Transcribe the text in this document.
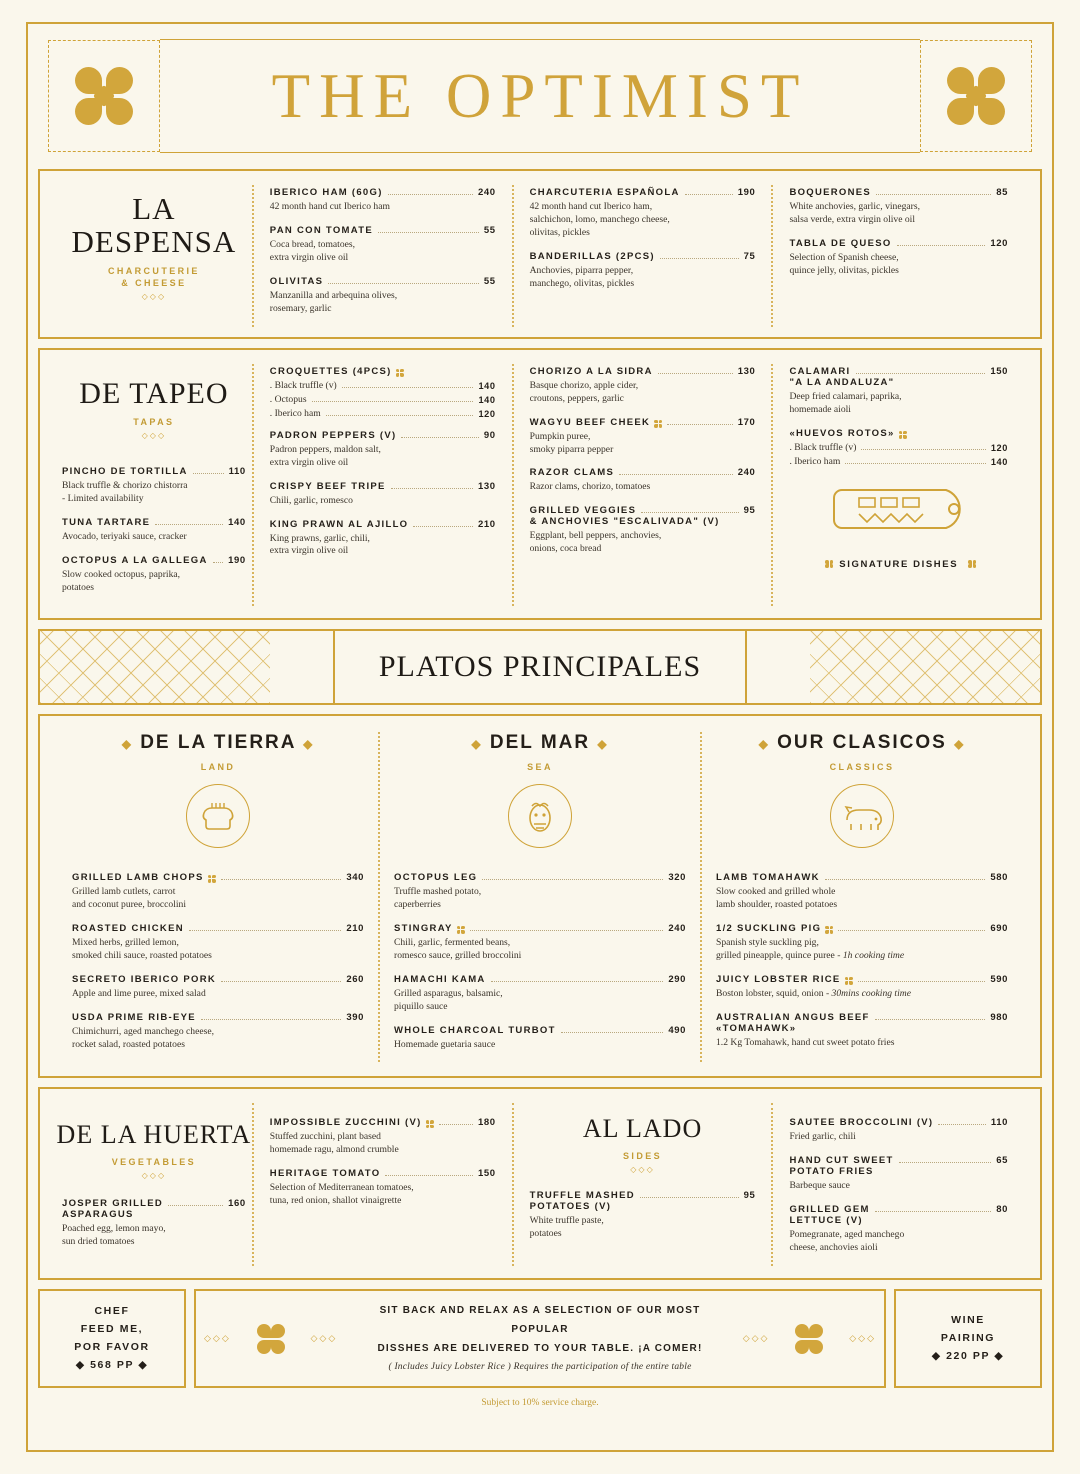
THE OPTIMIST
LA
DESPENSA
CHARCUTERIE
& CHEESE
◇◇◇
IBERICO HAM (60G)	240
42 month hand cut Iberico ham
PAN CON TOMATE	55
Coca bread, tomatoes,
extra virgin olive oil
OLIVITAS	55
Manzanilla and arbequina olives,
rosemary, garlic
CHARCUTERIA ESPAÑOLA	190
42 month hand cut Iberico ham,
salchichon, lomo, manchego cheese,
olivitas, pickles
BANDERILLAS (2PCS)	75
Anchovies, piparra pepper,
manchego, olivitas, pickles
BOQUERONES	85
White anchovies, garlic, vinegars,
salsa verde, extra virgin olive oil
TABLA DE QUESO	120
Selection of Spanish cheese,
quince jelly, olivitas, pickles
DE TAPEO
TAPAS
◇◇◇
PINCHO DE TORTILLA	110
Black truffle & chorizo chistorra
- Limited availability
TUNA TARTARE	140
Avocado, teriyaki sauce, cracker
OCTOPUS A LA GALLEGA 190
Slow cooked octopus, paprika,
potatoes
CROQUETTES (4PCS)
. Black truffle (v)	140
. Octopus	140
. Iberico ham	120
PADRON PEPPERS (V)	90
Padron peppers, maldon salt,
extra virgin olive oil
CRISPY BEEF TRIPE	130
Chili, garlic, romesco
KING PRAWN AL AJILLO	210
King prawns, garlic, chili,
extra virgin olive oil
CHORIZO A LA SIDRA	130
Basque chorizo, apple cider,
croutons, peppers, garlic
WAGYU BEEF CHEEK	170
Pumpkin puree,
smoky piparra pepper
RAZOR CLAMS	240
Razor clams, chorizo, tomatoes
GRILLED VEGGIES	95
& ANCHOVIES "ESCALIVADA" (V)
Eggplant, bell peppers, anchovies,
onions, coca bread
CALAMARI	150
"A LA ANDALUZA"
Deep fried calamari, paprika,
homemade aioli
«HUEVOS ROTOS»
. Black truffle (v)	120
. Iberico ham	140
SIGNATURE DISHES
PLATOS PRINCIPALES
◆ DE LA TIERRA ◆
LAND
GRILLED LAMB CHOPS	340
Grilled lamb cutlets, carrot
and coconut puree, broccolini
ROASTED CHICKEN	210
Mixed herbs, grilled lemon,
smoked chili sauce, roasted potatoes
SECRETO IBERICO PORK	260
Apple and lime puree, mixed salad
USDA PRIME RIB-EYE	390
Chimichurri, aged manchego cheese,
rocket salad, roasted potatoes
◆ DEL MAR ◆
SEA
OCTOPUS LEG	320
Truffle mashed potato,
caperberries
STINGRAY	240
Chili, garlic, fermented beans,
romesco sauce, grilled broccolini
HAMACHI KAMA	290
Grilled asparagus, balsamic,
piquillo sauce
WHOLE CHARCOAL TURBOT	490
Homemade guetaria sauce
◆ OUR CLASICOS ◆
CLASSICS
LAMB TOMAHAWK	580
Slow cooked and grilled whole
lamb shoulder, roasted potatoes
1/2 SUCKLING PIG	690
Spanish style suckling pig,
grilled pineapple, quince puree - 1h cooking time
JUICY LOBSTER RICE	590
Boston lobster, squid, onion - 30mins cooking time
AUSTRALIAN ANGUS BEEF	980
«TOMAHAWK»
1.2 Kg Tomahawk, hand cut sweet potato fries
DE LA HUERTA
VEGETABLES
◇◇◇
JOSPER GRILLED	160
ASPARAGUS
Poached egg, lemon mayo,
sun dried tomatoes
IMPOSSIBLE ZUCCHINI (V)	180
Stuffed zucchini, plant based
homemade ragu, almond crumble
HERITAGE TOMATO	150
Selection of Mediterranean tomatoes,
tuna, red onion, shallot vinaigrette
AL LADO
SIDES
◇◇◇
TRUFFLE MASHED	95
POTATOES (V)
White truffle paste,
potatoes
SAUTEE BROCCOLINI (V)	110
Fried garlic, chili
HAND CUT SWEET	65
POTATO FRIES
Barbeque sauce
GRILLED GEM	80
LETTUCE (V)
Pomegranate, aged manchego
cheese, anchovies aioli
CHEF
FEED ME,
POR FAVOR
◆ 568 PP ◆
◇◇◇	◇◇◇
SIT BACK AND RELAX AS A SELECTION OF OUR MOST POPULAR
DISSHES ARE DELIVERED TO YOUR TABLE. ¡A COMER!
( Includes Juicy Lobster Rice ) Requires the participation of the entire table
◇◇◇	◇◇◇
WINE
PAIRING
◆ 220 PP ◆
Subject to 10% service charge.
